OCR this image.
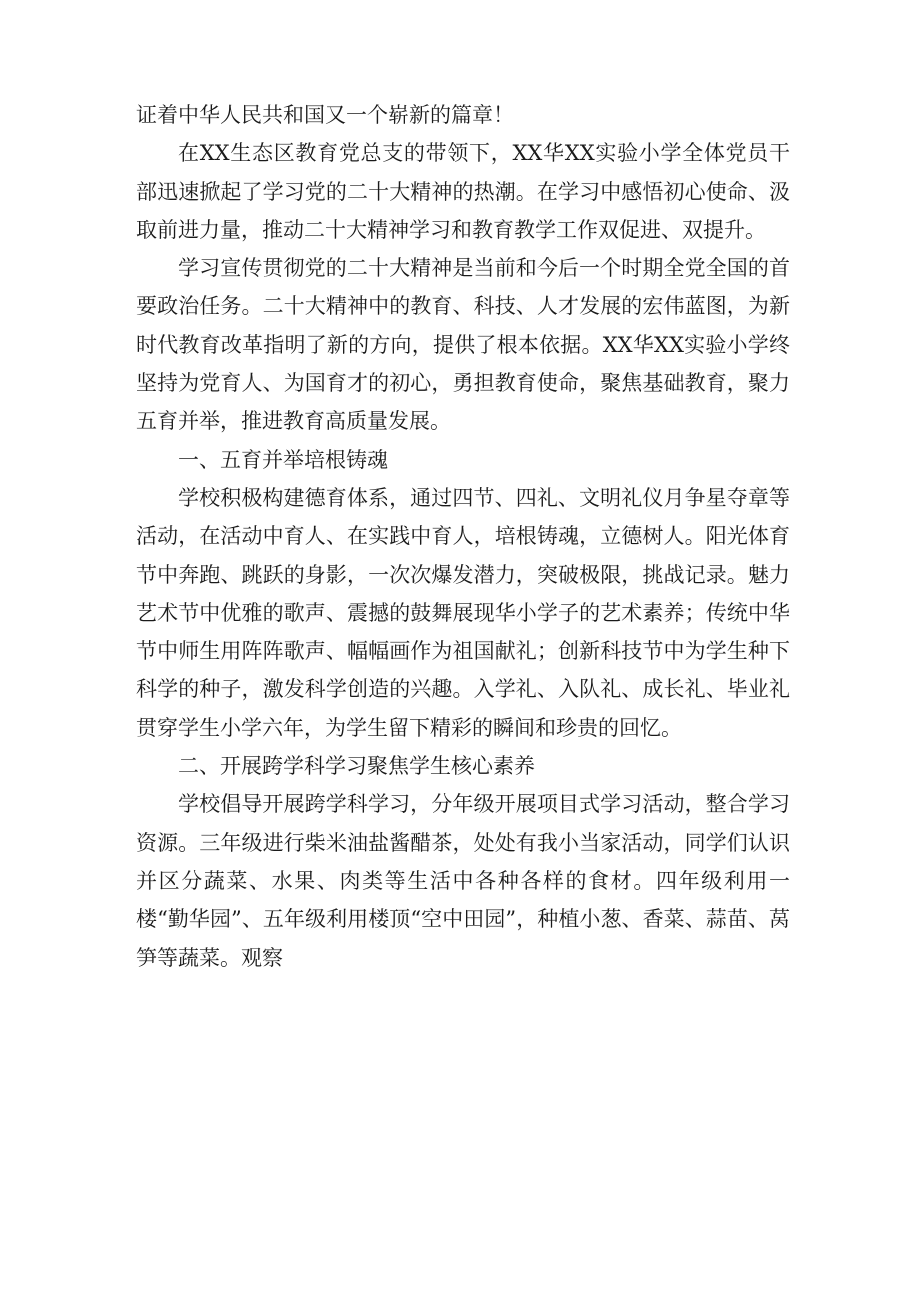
证着中华人民共和国又一个崭新的篇章！

在XX生态区教育党总支的带领下，XX华XX实验小学全体党员干部迅速掀起了学习党的二十大精神的热潮。在学习中感悟初心使命、汲取前进力量，推动二十大精神学习和教育教学工作双促进、双提升。

学习宣传贯彻党的二十大精神是当前和今后一个时期全党全国的首要政治任务。二十大精神中的教育、科技、人才发展的宏伟蓝图，为新时代教育改革指明了新的方向，提供了根本依据。XX华XX实验小学终坚持为党育人、为国育才的初心，勇担教育使命，聚焦基础教育，聚力五育并举，推进教育高质量发展。

一、五育并举培根铸魂

学校积极构建德育体系，通过四节、四礼、文明礼仪月争星夺章等活动，在活动中育人、在实践中育人，培根铸魂，立德树人。阳光体育节中奔跑、跳跃的身影，一次次爆发潜力，突破极限，挑战记录。魅力艺术节中优雅的歌声、震撼的鼓舞展现华小学子的艺术素养；传统中华节中师生用阵阵歌声、幅幅画作为祖国献礼；创新科技节中为学生种下科学的种子，激发科学创造的兴趣。入学礼、入队礼、成长礼、毕业礼贯穿学生小学六年，为学生留下精彩的瞬间和珍贵的回忆。

二、开展跨学科学习聚焦学生核心素养

学校倡导开展跨学科学习，分年级开展项目式学习活动，整合学习资源。三年级进行柴米油盐酱醋茶，处处有我小当家活动，同学们认识并区分蔬菜、水果、肉类等生活中各种各样的食材。四年级利用一楼“勤华园”、五年级利用楼顶“空中田园”，种植小葱、香菜、蒜苗、莴笋等蔬菜。观察
